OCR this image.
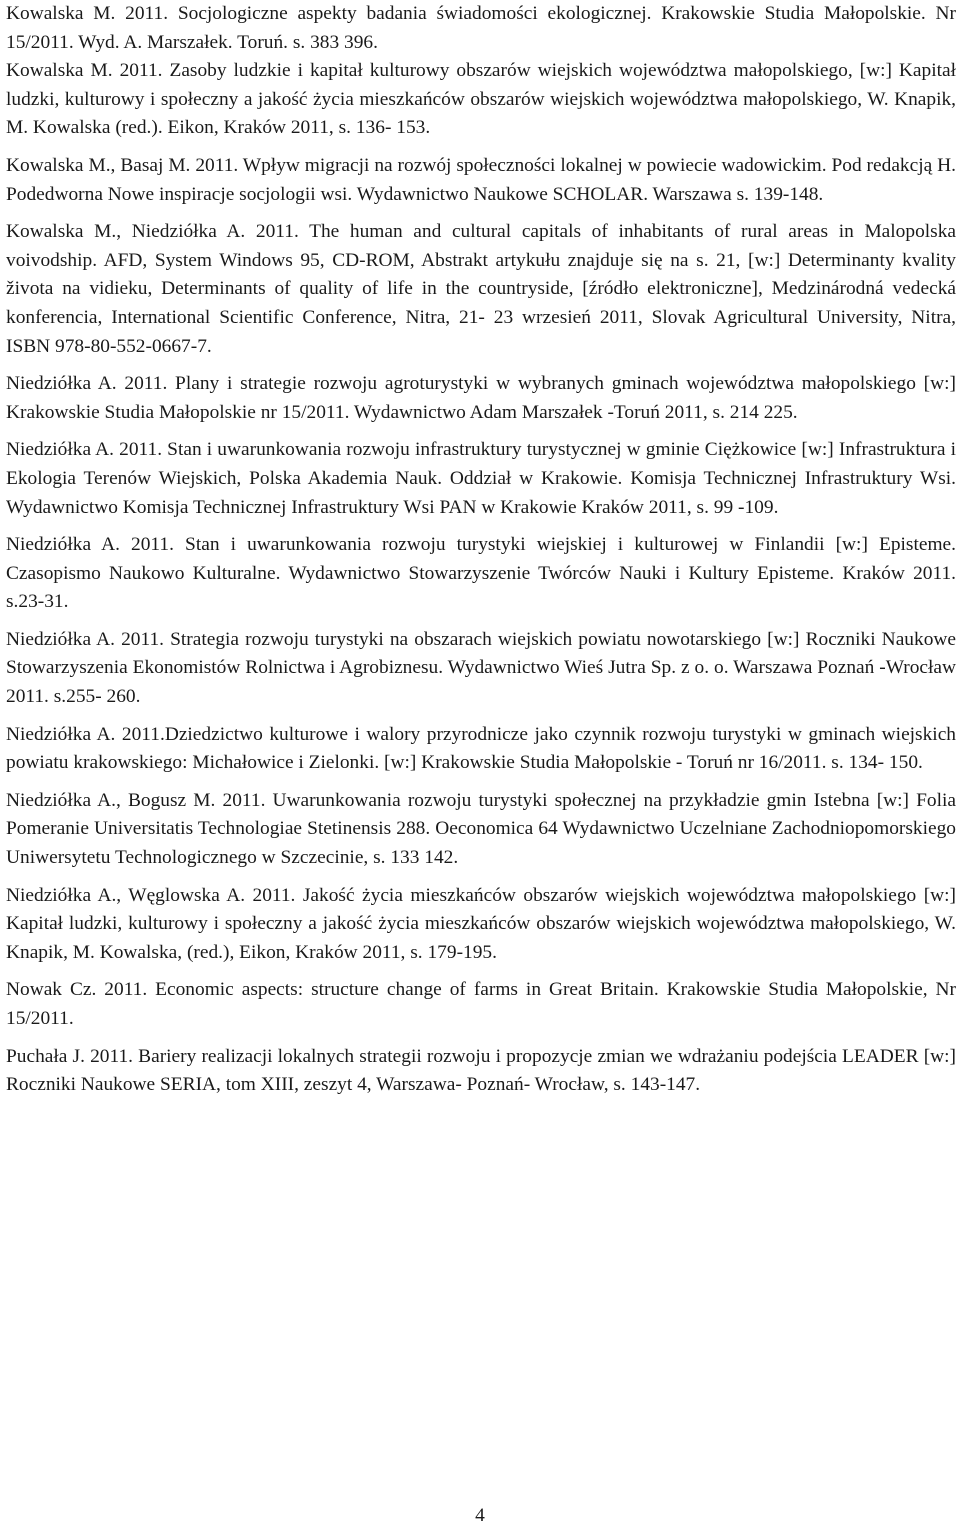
Kowalska M. 2011. Socjologiczne aspekty badania świadomości ekologicznej. Krakowskie Studia Małopolskie. Nr 15/2011. Wyd. A. Marszałek. Toruń. s. 383 396.

Kowalska M. 2011. Zasoby ludzkie i kapitał kulturowy obszarów wiejskich województwa małopolskiego, [w:] Kapitał ludzki, kulturowy i społeczny a jakość życia mieszkańców obszarów wiejskich województwa małopolskiego, W. Knapik, M. Kowalska (red.). Eikon, Kraków 2011, s. 136- 153.

Kowalska M., Basaj M. 2011. Wpływ migracji na rozwój społeczności lokalnej w powiecie wadowickim. Pod redakcją H. Podedworna Nowe inspiracje socjologii wsi. Wydawnictwo Naukowe SCHOLAR. Warszawa s. 139-148.

Kowalska M., Niedziółka A. 2011. The human and cultural capitals of inhabitants of rural areas in Malopolska voivodship. AFD, System Windows 95, CD-ROM, Abstrakt artykułu znajduje się na s. 21, [w:] Determinanty kvality života na vidieku, Determinants of quality of life in the countryside, [źródło elektroniczne], Medzinárodná vedecká konferencia, International Scientific Conference, Nitra, 21- 23 wrzesień 2011, Slovak Agricultural University, Nitra, ISBN 978-80-552-0667-7.

Niedziółka A. 2011. Plany i strategie rozwoju agroturystyki w wybranych gminach województwa małopolskiego [w:] Krakowskie Studia Małopolskie nr 15/2011. Wydawnictwo Adam Marszałek -Toruń 2011, s. 214 225.

Niedziółka A. 2011. Stan i uwarunkowania rozwoju infrastruktury turystycznej w gminie Ciężkowice [w:] Infrastruktura i Ekologia Terenów Wiejskich, Polska Akademia Nauk. Oddział w Krakowie. Komisja Technicznej Infrastruktury Wsi. Wydawnictwo Komisja Technicznej Infrastruktury Wsi PAN w Krakowie Kraków 2011, s. 99 -109.

Niedziółka A. 2011. Stan i uwarunkowania rozwoju turystyki wiejskiej i kulturowej w Finlandii [w:] Episteme. Czasopismo Naukowo Kulturalne. Wydawnictwo Stowarzyszenie Twórców Nauki i Kultury Episteme. Kraków 2011. s.23-31.

Niedziółka A. 2011. Strategia rozwoju turystyki na obszarach wiejskich powiatu nowotarskiego [w:] Roczniki Naukowe Stowarzyszenia Ekonomistów Rolnictwa i Agrobiznesu. Wydawnictwo Wieś Jutra Sp. z o. o. Warszawa Poznań -Wrocław 2011. s.255- 260.

Niedziółka A. 2011.Dziedzictwo kulturowe i walory przyrodnicze jako czynnik rozwoju turystyki w gminach wiejskich powiatu krakowskiego: Michałowice i Zielonki. [w:] Krakowskie Studia Małopolskie - Toruń nr 16/2011. s. 134- 150.

Niedziółka A., Bogusz M. 2011. Uwarunkowania rozwoju turystyki społecznej na przykładzie gmin Istebna [w:] Folia Pomeranie Universitatis Technologiae Stetinensis 288. Oeconomica 64 Wydawnictwo Uczelniane Zachodniopomorskiego Uniwersytetu Technologicznego w Szczecinie, s. 133 142.

Niedziółka A., Węglowska A. 2011. Jakość życia mieszkańców obszarów wiejskich województwa małopolskiego [w:] Kapitał ludzki, kulturowy i społeczny a jakość życia mieszkańców obszarów wiejskich województwa małopolskiego, W. Knapik, M. Kowalska, (red.), Eikon, Kraków 2011, s. 179-195.

Nowak Cz. 2011. Economic aspects: structure change of farms in Great Britain. Krakowskie Studia Małopolskie, Nr 15/2011.

Puchała J. 2011. Bariery realizacji lokalnych strategii rozwoju i propozycje zmian we wdrażaniu podejścia LEADER [w:] Roczniki Naukowe SERIA, tom XIII, zeszyt 4, Warszawa- Poznań- Wrocław, s. 143-147.

4
